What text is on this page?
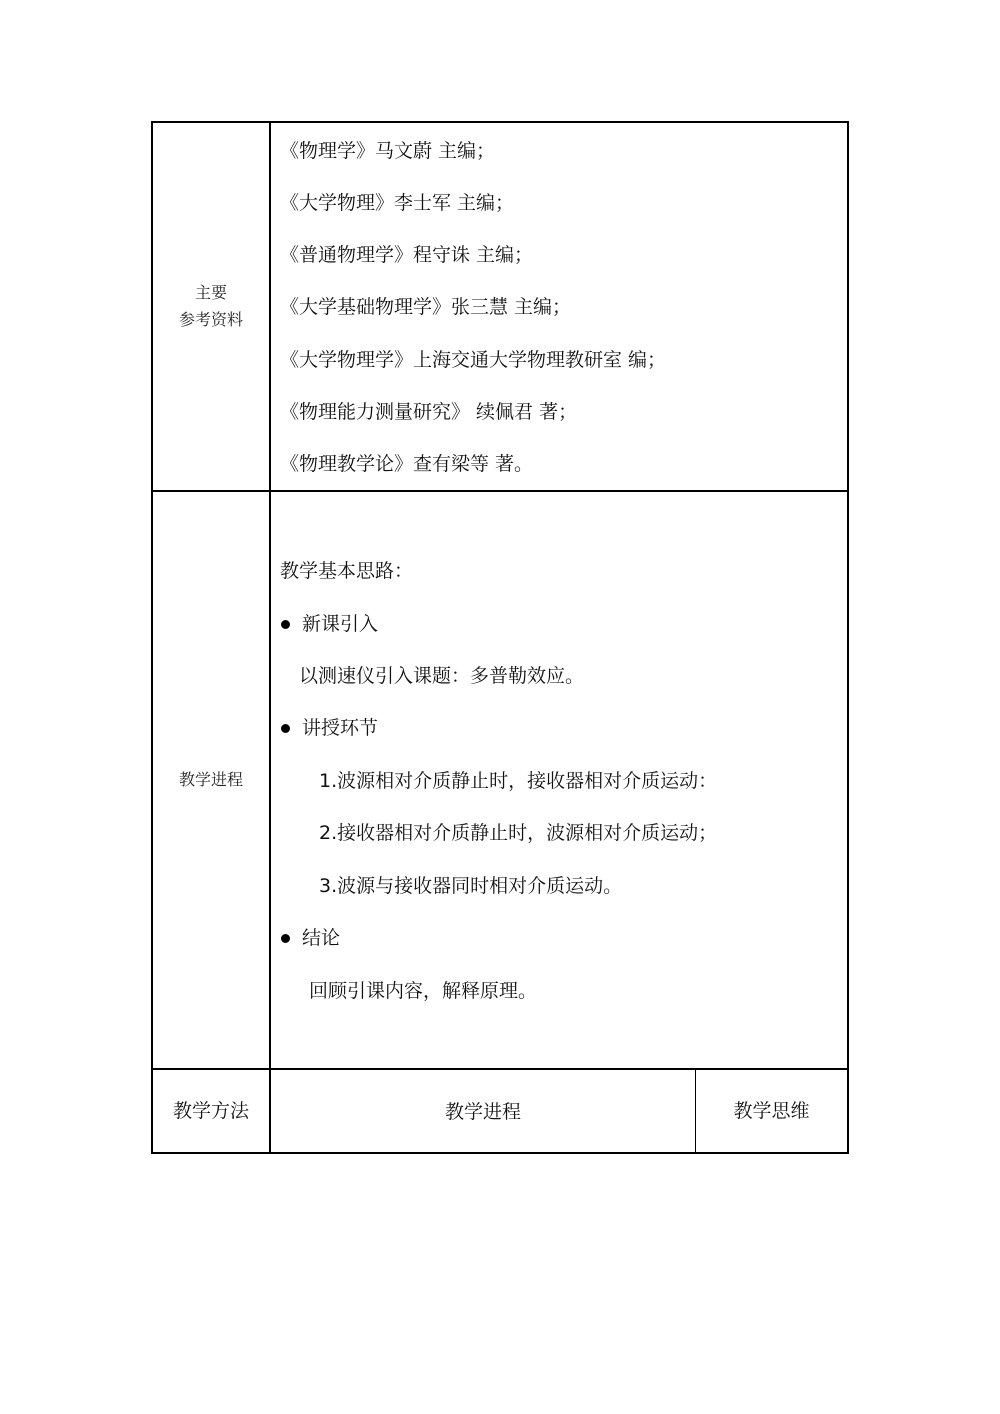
主要
参考资料
《物理学》马文蔚 主编；
《大学物理》李士军 主编；
《普通物理学》程守诛 主编；
《大学基础物理学》张三慧 主编；
《大学物理学》上海交通大学物理教研室 编；
《物理能力测量研究》 续佩君 著；
《物理教学论》查有梁等 著。
教学进程
教学基本思路：
新课引入
以测速仪引入课题：多普勒效应。
讲授环节
1.波源相对介质静止时，接收器相对介质运动：
2.接收器相对介质静止时，波源相对介质运动；
3.波源与接收器同时相对介质运动。
结论
回顾引课内容，解释原理。
教学方法	教学进程	教学思维
